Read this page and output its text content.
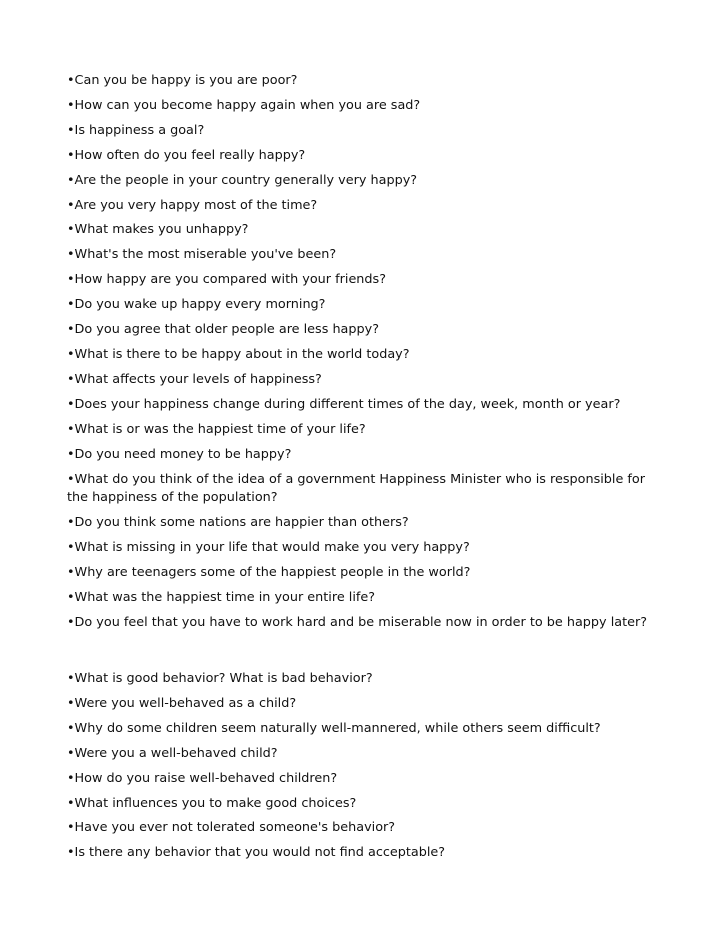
•Can you be happy is you are poor?
•How can you become happy again when you are sad?
•Is happiness a goal?
•How often do you feel really happy?
•Are the people in your country generally very happy?
•Are you very happy most of the time?
•What makes you unhappy?
•What's the most miserable you've been?
•How happy are you compared with your friends?
•Do you wake up happy every morning?
•Do you agree that older people are less happy?
•What is there to be happy about in the world today?
•What affects your levels of happiness?
•Does your happiness change during different times of the day, week, month or year?
•What is or was the happiest time of your life?
•Do you need money to be happy?
•What do you think of the idea of a government Happiness Minister who is responsible for the happiness of the population?
•Do you think some nations are happier than others?
•What is missing in your life that would make you very happy?
•Why are teenagers some of the happiest people in the world?
•What was the happiest time in your entire life?
•Do you feel that you have to work hard and be miserable now in order to be happy later?
•What is good behavior? What is bad behavior?
•Were you well-behaved as a child?
•Why do some children seem naturally well-mannered, while others seem difficult?
•Were you a well-behaved child?
•How do you raise well-behaved children?
•What influences you to make good choices?
•Have you ever not tolerated someone's behavior?
•Is there any behavior that you would not find acceptable?
